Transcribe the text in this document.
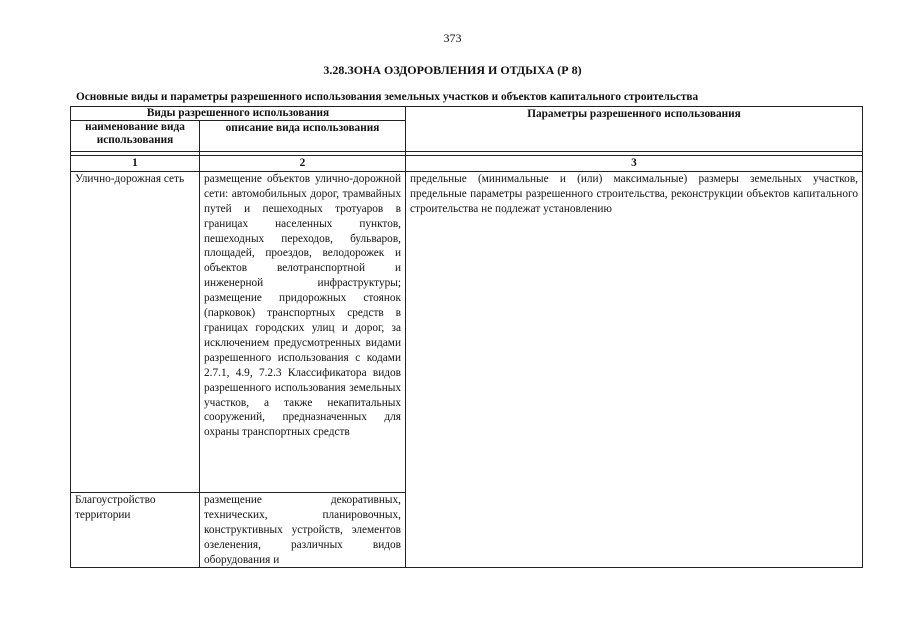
373
3.28.ЗОНА ОЗДОРОВЛЕНИЯ И ОТДЫХА (Р 8)
Основные виды и параметры разрешенного использования земельных участков и объектов капитального строительства
Виды разрешенного использования		Параметры разрешенного использования
наименование вида использования	описание вида использования	

1	2	3
Улично-дорожная сеть	размещение объектов улично-дорожной сети: автомобильных дорог, трамвайных путей и пешеходных тротуаров в границах населенных пунктов, пешеходных переходов, бульваров, площадей, проездов, велодорожек и объектов велотранспортной и инженерной инфраструктуры; размещение придорожных стоянок (парковок) транспортных средств в границах городских улиц и дорог, за исключением предусмотренных видами разрешенного использования с кодами 2.7.1, 4.9, 7.2.3 Классификатора видов разрешенного использования земельных участков, а также некапитальных сооружений, предназначенных для охраны транспортных средств	предельные (минимальные и (или) максимальные) размеры земельных участков, предельные параметры разрешенного строительства, реконструкции объектов капитального строительства не подлежат установлению
Благоустройство территории	размещение декоративных, технических, планировочных, конструктивных устройств, элементов озеленения, различных видов оборудования и	
